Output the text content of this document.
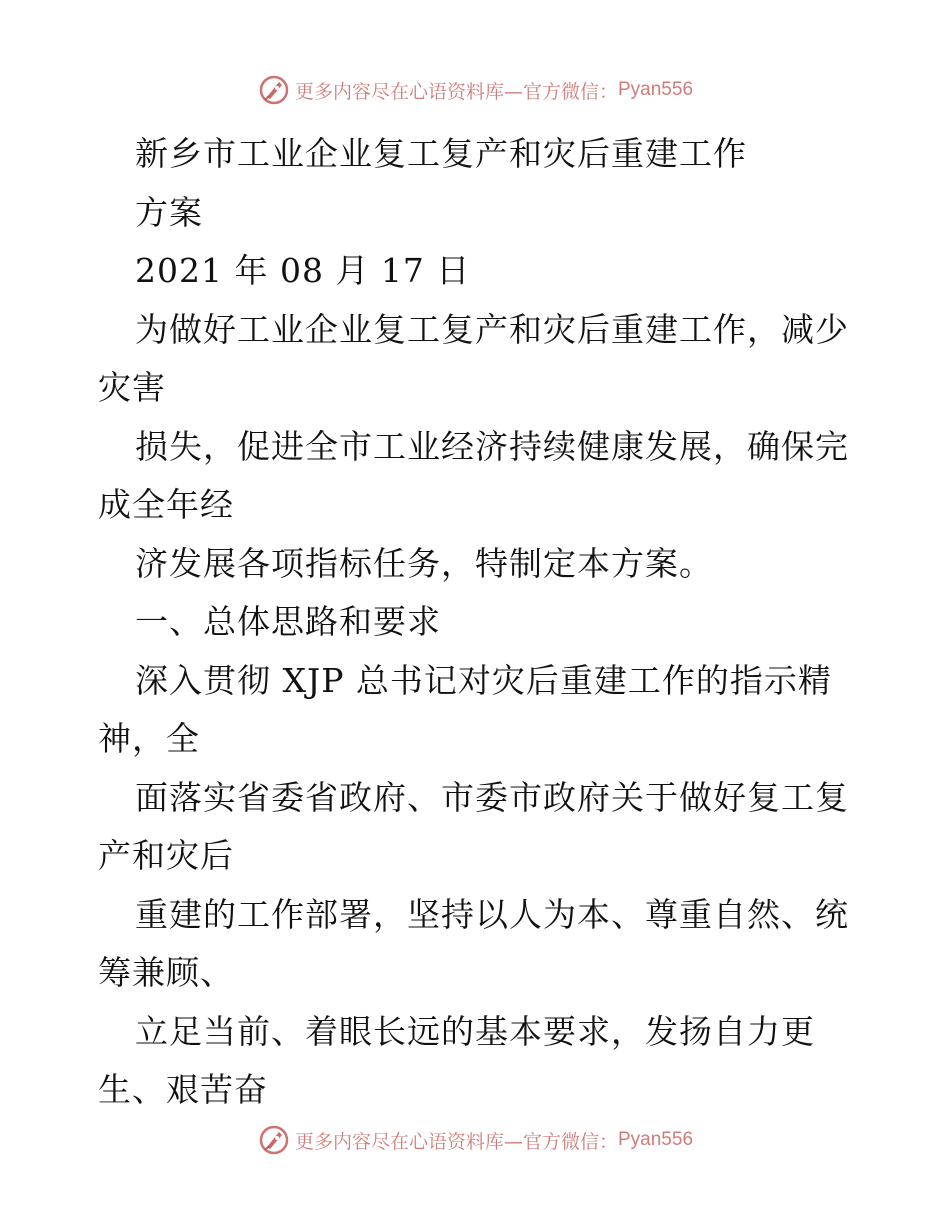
更多内容尽在心语资料库—官方微信： Pyan556
新乡市工业企业复工复产和灾后重建工作
方案
2021 年 08 月 17 日
为做好工业企业复工复产和灾后重建工作，减少
灾害
损失，促进全市工业经济持续健康发展，确保完
成全年经
济发展各项指标任务，特制定本方案。
一、总体思路和要求
深入贯彻 XJP 总书记对灾后重建工作的指示精
神，全
面落实省委省政府、市委市政府关于做好复工复
产和灾后
重建的工作部署，坚持以人为本、尊重自然、统
筹兼顾、
立足当前、着眼长远的基本要求，发扬自力更
生、艰苦奋
更多内容尽在心语资料库—官方微信： Pyan556
